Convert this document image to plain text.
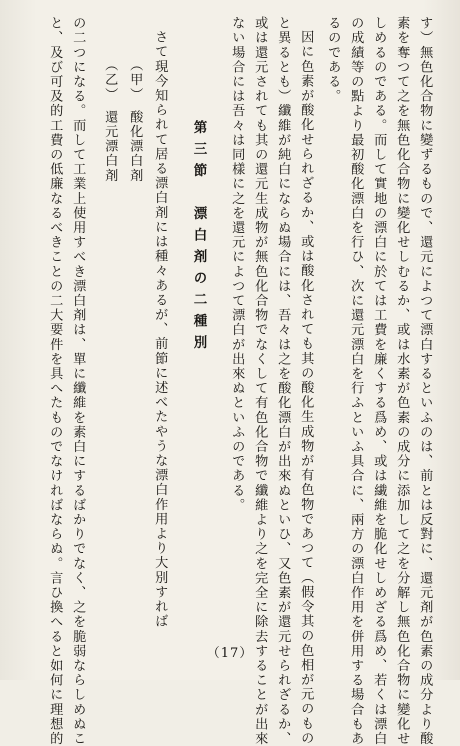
す）無色化合物に變ずるもので、還元によつて漂白するといふのは、前とは反對に、還元剤が色素の成分より酸
素を奪つて之を無色化合物に變化せしむるか、或は水素が色素の成分に添加して之を分解し無色化合物に變化せ
しめるのである。而して實地の漂白に於ては工費を廉くする爲め、或は繊維を脆化せしめざる爲め、若くは漂白
の成績等の點より最初酸化漂白を行ひ、次に還元漂白を行ふといふ具合に、兩方の漂白作用を併用する場合もあ
るのである。
因に色素が酸化せられざるか、或は酸化されても其の酸化生成物が有色物であつて（假令其の色相が元のもの
と異るとも）纖維が純白にならぬ場合には、吾々は之を酸化漂白が出來ぬといひ、又色素が還元せられざるか、
或は還元されても其の還元生成物が無色化合物でなくして有色化合物で纖維より之を完全に除去することが出來
ない場合には吾々は同樣に之を還元によつて漂白が出來ぬといふのである。
第三節　漂白剤の二種別
さて現今知られて居る漂白剤には種々あるが、前節に述べたやうな漂白作用より大別すれば
（甲）　酸化漂白剤
（乙）　還元漂白剤
の二つになる。而して工業上使用すべき漂白剤は、單に纖維を素白にするばかりでなく、之を脆弱ならしめぬこ
と、及び可及的工費の低廉なるべきことの二大要件を具へたものでなければならぬ。言ひ換へると如何に理想的	（17）
